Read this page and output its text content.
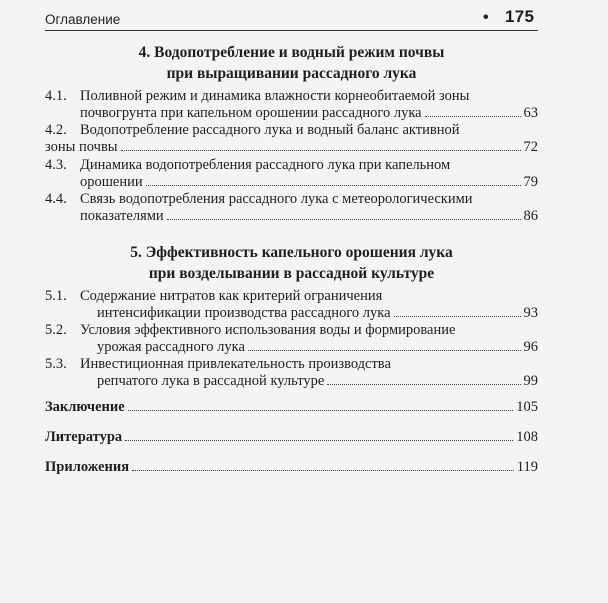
Оглавление	• 175
4. Водопотребление и водный режим почвы
при выращивании рассадного лука
4.1. Поливной режим и динамика влажности корнеобитаемой зоны
почвогрунта при капельном орошении рассадного лука	63
4.2. Водопотребление рассадного лука и водный баланс активной
зоны почвы	72
4.3. Динамика водопотребления рассадного лука при капельном
орошении	79
4.4. Связь водопотребления рассадного лука с метеорологическими
показателями	86
5. Эффективность капельного орошения лука
при возделывании в рассадной культуре
5.1. Содержание нитратов как критерий ограничения
интенсификации производства рассадного лука	93
5.2. Условия эффективного использования воды и формирование
урожая рассадного лука	96
5.3. Инвестиционная привлекательность производства
репчатого лука в рассадной культуре	99
Заключение	105
Литература	108
Приложения	119
